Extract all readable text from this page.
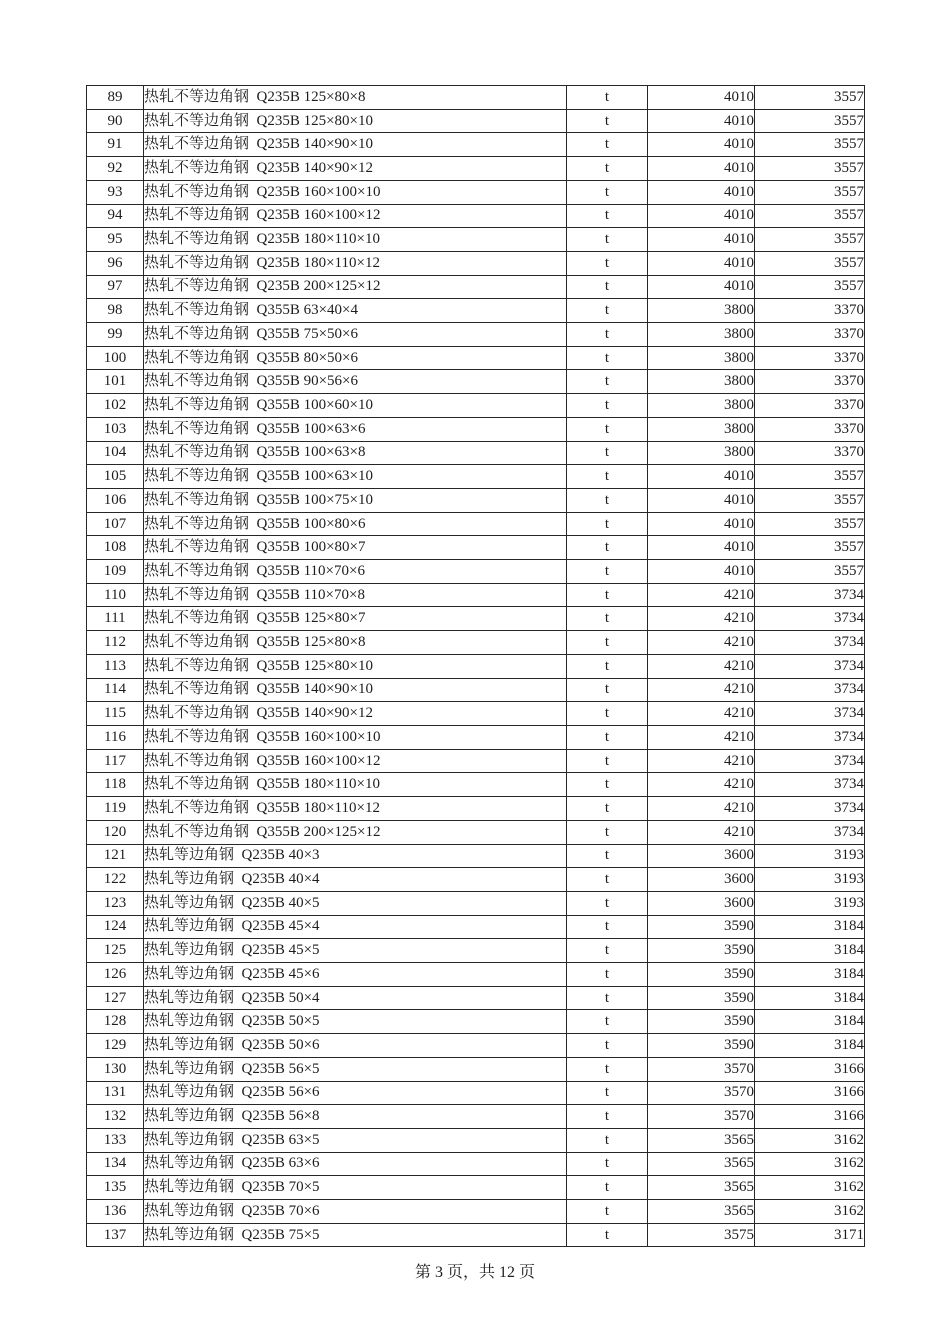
89	热轧不等边角钢  Q235B 125×80×8	t	4010	3557
90	热轧不等边角钢  Q235B 125×80×10	t	4010	3557
91	热轧不等边角钢  Q235B 140×90×10	t	4010	3557
92	热轧不等边角钢  Q235B 140×90×12	t	4010	3557
93	热轧不等边角钢  Q235B 160×100×10	t	4010	3557
94	热轧不等边角钢  Q235B 160×100×12	t	4010	3557
95	热轧不等边角钢  Q235B 180×110×10	t	4010	3557
96	热轧不等边角钢  Q235B 180×110×12	t	4010	3557
97	热轧不等边角钢  Q235B 200×125×12	t	4010	3557
98	热轧不等边角钢  Q355B 63×40×4	t	3800	3370
99	热轧不等边角钢  Q355B 75×50×6	t	3800	3370
100	热轧不等边角钢  Q355B 80×50×6	t	3800	3370
101	热轧不等边角钢  Q355B 90×56×6	t	3800	3370
102	热轧不等边角钢  Q355B 100×60×10	t	3800	3370
103	热轧不等边角钢  Q355B 100×63×6	t	3800	3370
104	热轧不等边角钢  Q355B 100×63×8	t	3800	3370
105	热轧不等边角钢  Q355B 100×63×10	t	4010	3557
106	热轧不等边角钢  Q355B 100×75×10	t	4010	3557
107	热轧不等边角钢  Q355B 100×80×6	t	4010	3557
108	热轧不等边角钢  Q355B 100×80×7	t	4010	3557
109	热轧不等边角钢  Q355B 110×70×6	t	4010	3557
110	热轧不等边角钢  Q355B 110×70×8	t	4210	3734
111	热轧不等边角钢  Q355B 125×80×7	t	4210	3734
112	热轧不等边角钢  Q355B 125×80×8	t	4210	3734
113	热轧不等边角钢  Q355B 125×80×10	t	4210	3734
114	热轧不等边角钢  Q355B 140×90×10	t	4210	3734
115	热轧不等边角钢  Q355B 140×90×12	t	4210	3734
116	热轧不等边角钢  Q355B 160×100×10	t	4210	3734
117	热轧不等边角钢  Q355B 160×100×12	t	4210	3734
118	热轧不等边角钢  Q355B 180×110×10	t	4210	3734
119	热轧不等边角钢  Q355B 180×110×12	t	4210	3734
120	热轧不等边角钢  Q355B 200×125×12	t	4210	3734
121	热轧等边角钢  Q235B 40×3	t	3600	3193
122	热轧等边角钢  Q235B 40×4	t	3600	3193
123	热轧等边角钢  Q235B 40×5	t	3600	3193
124	热轧等边角钢  Q235B 45×4	t	3590	3184
125	热轧等边角钢  Q235B 45×5	t	3590	3184
126	热轧等边角钢  Q235B 45×6	t	3590	3184
127	热轧等边角钢  Q235B 50×4	t	3590	3184
128	热轧等边角钢  Q235B 50×5	t	3590	3184
129	热轧等边角钢  Q235B 50×6	t	3590	3184
130	热轧等边角钢  Q235B 56×5	t	3570	3166
131	热轧等边角钢  Q235B 56×6	t	3570	3166
132	热轧等边角钢  Q235B 56×8	t	3570	3166
133	热轧等边角钢  Q235B 63×5	t	3565	3162
134	热轧等边角钢  Q235B 63×6	t	3565	3162
135	热轧等边角钢  Q235B 70×5	t	3565	3162
136	热轧等边角钢  Q235B 70×6	t	3565	3162
137	热轧等边角钢  Q235B 75×5	t	3575	3171
第 3 页，共 12 页
